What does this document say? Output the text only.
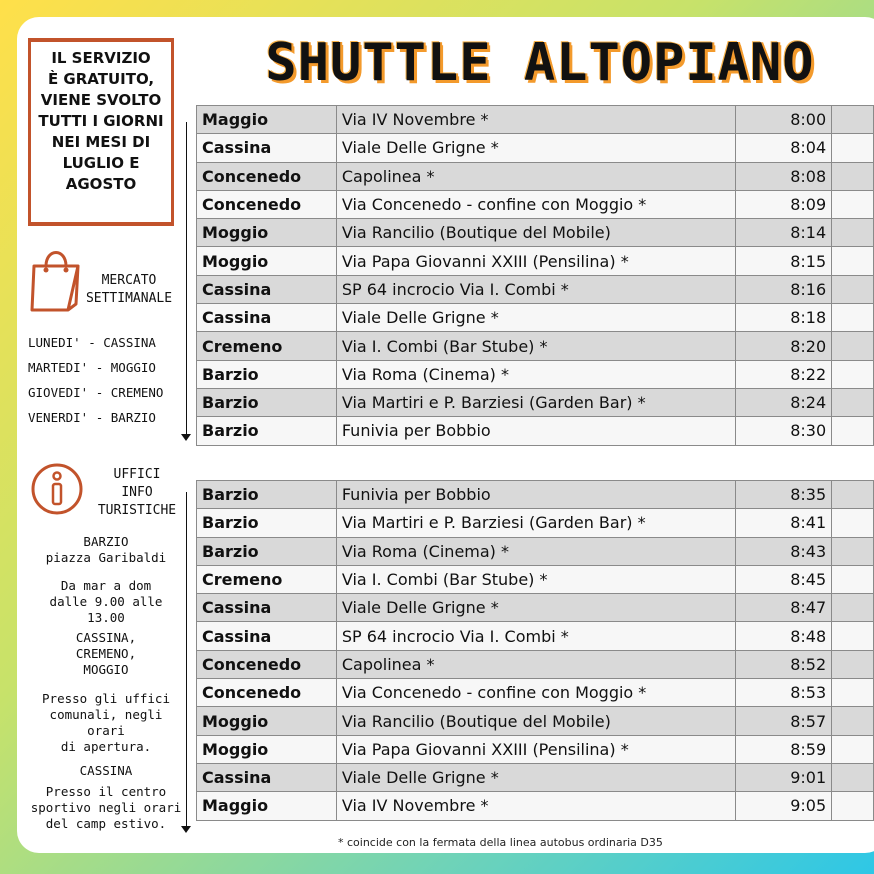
SHUTTLE ALTOPIANO
IL SERVIZIO
È GRATUITO,
VIENE SVOLTO
TUTTI I GIORNI
NEI MESI DI
LUGLIO E
AGOSTO
MERCATO
SETTIMANALE
LUNEDI' - CASSINA
MARTEDI' - MOGGIO
GIOVEDI' - CREMENO
VENERDI' - BARZIO
UFFICI
INFO
TURISTICHE
BARZIO
piazza Garibaldi
Da mar a dom
dalle 9.00 alle 13.00
CASSINA,
CREMENO,
MOGGIO
Presso gli uffici
comunali, negli orari
di apertura.
CASSINA
Presso il centro
sportivo negli orari
del camp estivo.
Maggio	Via IV Novembre *	8:00	
Cassina	Viale Delle Grigne *	8:04	
Concenedo	Capolinea *	8:08	
Concenedo	Via Concenedo - confine con Moggio *	8:09	
Moggio	Via Rancilio (Boutique del Mobile)	8:14	
Moggio	Via Papa Giovanni XXIII (Pensilina) *	8:15	
Cassina	SP 64 incrocio Via I. Combi *	8:16	
Cassina	Viale Delle Grigne *	8:18	
Cremeno	Via I. Combi (Bar Stube) *	8:20	
Barzio	Via Roma (Cinema) *	8:22	
Barzio	Via Martiri e P. Barziesi (Garden Bar) *	8:24	
Barzio	Funivia per Bobbio	8:30	
Barzio	Funivia per Bobbio	8:35	
Barzio	Via Martiri e P. Barziesi (Garden Bar) *	8:41	
Barzio	Via Roma (Cinema) *	8:43	
Cremeno	Via I. Combi (Bar Stube) *	8:45	
Cassina	Viale Delle Grigne *	8:47	
Cassina	SP 64 incrocio Via I. Combi *	8:48	
Concenedo	Capolinea *	8:52	
Concenedo	Via Concenedo - confine con Moggio *	8:53	
Moggio	Via Rancilio (Boutique del Mobile)	8:57	
Moggio	Via Papa Giovanni XXIII (Pensilina) *	8:59	
Cassina	Viale Delle Grigne *	9:01	
Maggio	Via IV Novembre *	9:05	
* coincide con la fermata della linea autobus ordinaria D35
